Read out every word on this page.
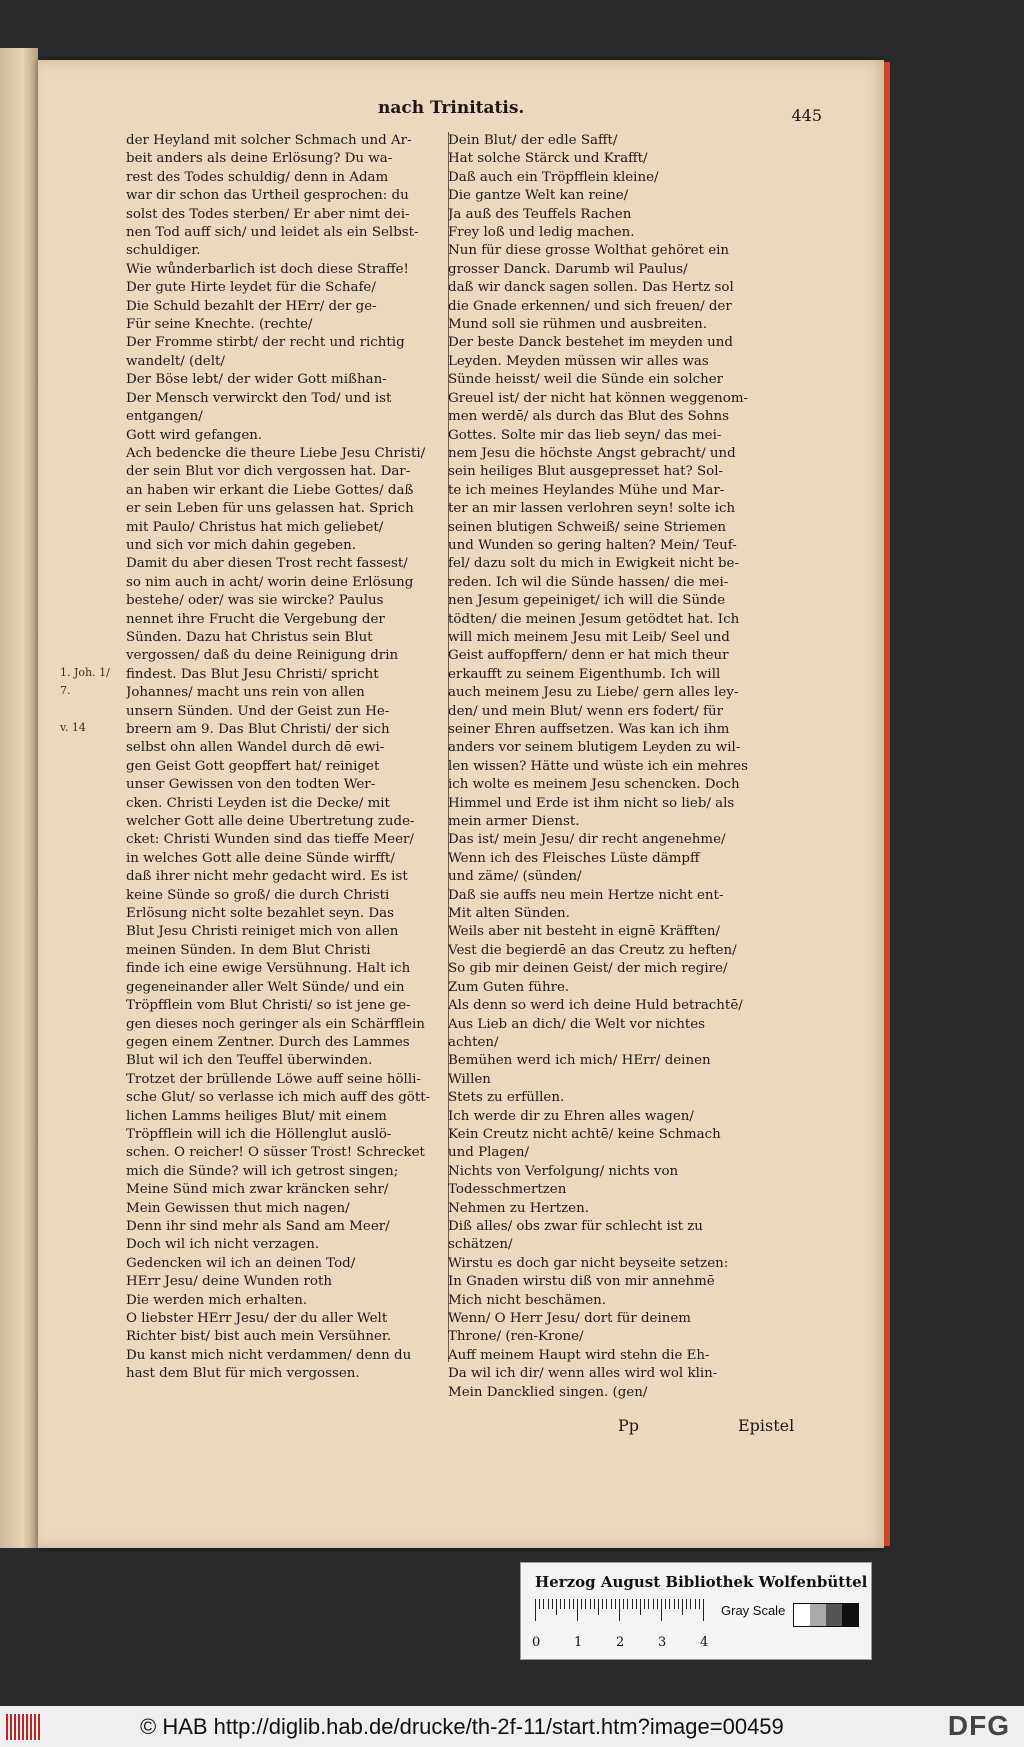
nach Trinitatis.	445
der Heyland mit solcher Schmach und Ar-
beit anders als deine Erlösung? Du wa-
rest des Todes schuldig/ denn in Adam
war dir schon das Urtheil gesprochen: du
solst des Todes sterben/ Er aber nimt dei-
nen Tod auff sich/ und leidet als ein Selbst-
schuldiger.
Wie wůnderbarlich ist doch diese Straffe!
Der gute Hirte leydet für die Schafe/
Die Schuld bezahlt der HErr/ der ge-
Für seine Knechte. (rechte/
Der Fromme stirbt/ der recht und richtig
wandelt/ (delt/
Der Böse lebt/ der wider Gott mißhan-
Der Mensch verwirckt den Tod/ und ist
entgangen/
Gott wird gefangen.
Ach bedencke die theure Liebe Jesu Christi/
der sein Blut vor dich vergossen hat. Dar-
an haben wir erkant die Liebe Gottes/ daß
er sein Leben für uns gelassen hat. Sprich
mit Paulo/ Christus hat mich geliebet/
und sich vor mich dahin gegeben.
Damit du aber diesen Trost recht fassest/
so nim auch in acht/ worin deine Erlösung
bestehe/ oder/ was sie wircke? Paulus
nennet ihre Frucht die Vergebung der
Sünden. Dazu hat Christus sein Blut
vergossen/ daß du deine Reinigung drin
findest. Das Blut Jesu Christi/ spricht
Johannes/ macht uns rein von allen
unsern Sünden. Und der Geist zun He-
breern am 9. Das Blut Christi/ der sich
selbst ohn allen Wandel durch dē ewi-
gen Geist Gott geopffert hat/ reiniget
unser Gewissen von den todten Wer-
cken. Christi Leyden ist die Decke/ mit
welcher Gott alle deine Ubertretung zude-
cket: Christi Wunden sind das tieffe Meer/
in welches Gott alle deine Sünde wirfft/
daß ihrer nicht mehr gedacht wird. Es ist
keine Sünde so groß/ die durch Christi
Erlösung nicht solte bezahlet seyn. Das
Blut Jesu Christi reiniget mich von allen
meinen Sünden. In dem Blut Christi
finde ich eine ewige Versühnung. Halt ich
gegeneinander aller Welt Sünde/ und ein
Tröpfflein vom Blut Christi/ so ist jene ge-
gen dieses noch geringer als ein Schärfflein
gegen einem Zentner. Durch des Lammes
Blut wil ich den Teuffel überwinden.
Trotzet der brüllende Löwe auff seine hölli-
sche Glut/ so verlasse ich mich auff des gött-
lichen Lamms heiliges Blut/ mit einem
Tröpfflein will ich die Höllenglut auslö-
schen. O reicher! O süsser Trost! Schrecket
mich die Sünde? will ich getrost singen;
Meine Sünd mich zwar kräncken sehr/
Mein Gewissen thut mich nagen/
Denn ihr sind mehr als Sand am Meer/
Doch wil ich nicht verzagen.
Gedencken wil ich an deinen Tod/
HErr Jesu/ deine Wunden roth
Die werden mich erhalten.
O liebster HErr Jesu/ der du aller Welt
Richter bist/ bist auch mein Versühner.
Du kanst mich nicht verdammen/ denn du
hast dem Blut für mich vergossen.
Dein Blut/ der edle Safft/
Hat solche Stärck und Krafft/
Daß auch ein Tröpfflein kleine/
Die gantze Welt kan reine/
Ja auß des Teuffels Rachen
Frey loß und ledig machen.
Nun für diese grosse Wolthat gehöret ein
grosser Danck. Darumb wil Paulus/
daß wir danck sagen sollen. Das Hertz sol
die Gnade erkennen/ und sich freuen/ der
Mund soll sie rühmen und ausbreiten.
Der beste Danck bestehet im meyden und
Leyden. Meyden müssen wir alles was
Sünde heisst/ weil die Sünde ein solcher
Greuel ist/ der nicht hat können weggenom-
men werdē/ als durch das Blut des Sohns
Gottes. Solte mir das lieb seyn/ das mei-
nem Jesu die höchste Angst gebracht/ und
sein heiliges Blut ausgepresset hat? Sol-
te ich meines Heylandes Mühe und Mar-
ter an mir lassen verlohren seyn! solte ich
seinen blutigen Schweiß/ seine Striemen
und Wunden so gering halten? Mein/ Teuf-
fel/ dazu solt du mich in Ewigkeit nicht be-
reden. Ich wil die Sünde hassen/ die mei-
nen Jesum gepeiniget/ ich will die Sünde
tödten/ die meinen Jesum getödtet hat. Ich
will mich meinem Jesu mit Leib/ Seel und
Geist auffopffern/ denn er hat mich theur
erkaufft zu seinem Eigenthumb. Ich will
auch meinem Jesu zu Liebe/ gern alles ley-
den/ und mein Blut/ wenn ers fodert/ für
seiner Ehren auffsetzen. Was kan ich ihm
anders vor seinem blutigem Leyden zu wil-
len wissen? Hätte und wüste ich ein mehres
ich wolte es meinem Jesu schencken. Doch
Himmel und Erde ist ihm nicht so lieb/ als
mein armer Dienst.
Das ist/ mein Jesu/ dir recht angenehme/
Wenn ich des Fleisches Lüste dämpff
und zäme/ (sünden/
Daß sie auffs neu mein Hertze nicht ent-
Mit alten Sünden.
Weils aber nit besteht in eignē Kräfften/
Vest die begierdē an das Creutz zu heften/
So gib mir deinen Geist/ der mich regire/
Zum Guten führe.
Als denn so werd ich deine Huld betrachtē/
Aus Lieb an dich/ die Welt vor nichtes
achten/
Bemühen werd ich mich/ HErr/ deinen
Willen
Stets zu erfüllen.
Ich werde dir zu Ehren alles wagen/
Kein Creutz nicht achtē/ keine Schmach
und Plagen/
Nichts von Verfolgung/ nichts von
Todesschmertzen
Nehmen zu Hertzen.
Diß alles/ obs zwar für schlecht ist zu
schätzen/
Wirstu es doch gar nicht beyseite setzen:
In Gnaden wirstu diß von mir annehmē
Mich nicht beschämen.
Wenn/ O Herr Jesu/ dort für deinem
Throne/ (ren-Krone/
Auff meinem Haupt wird stehn die Eh-
Da wil ich dir/ wenn alles wird wol klin-
Mein Dancklied singen. (gen/
1. Joh. 1/
7.
v. 14
Pp	Epistel
Herzog August Bibliothek Wolfenbüttel
0	1	2	3	4
Gray Scale
© HAB http://diglib.hab.de/drucke/th-2f-11/start.htm?image=00459	DFG
